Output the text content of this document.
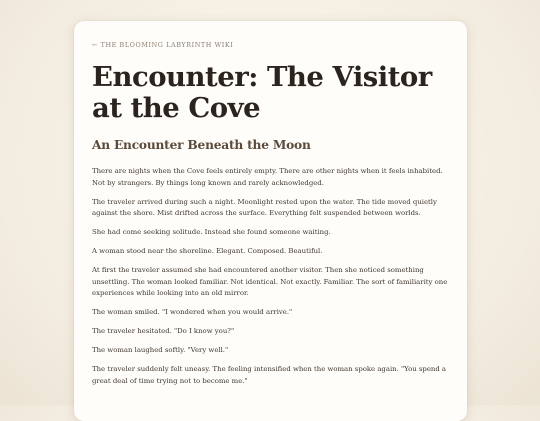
← THE BLOOMING LABYRINTH WIKI
Encounter: The Visitor at the Cove
An Encounter Beneath the Moon

There are nights when the Cove feels entirely empty. There are other nights when it feels inhabited. Not by strangers. By things long known and rarely acknowledged.

The traveler arrived during such a night. Moonlight rested upon the water. The tide moved quietly against the shore. Mist drifted across the surface. Everything felt suspended between worlds.

She had come seeking solitude. Instead she found someone waiting.

A woman stood near the shoreline. Elegant. Composed. Beautiful.

At first the traveler assumed she had encountered another visitor. Then she noticed something unsettling. The woman looked familiar. Not identical. Not exactly. Familiar. The sort of familiarity one experiences while looking into an old mirror.

The woman smiled. "I wondered when you would arrive."

The traveler hesitated. "Do I know you?"

The woman laughed softly. "Very well."

The traveler suddenly felt uneasy. The feeling intensified when the woman spoke again. "You spend a great deal of time trying not to become me."
